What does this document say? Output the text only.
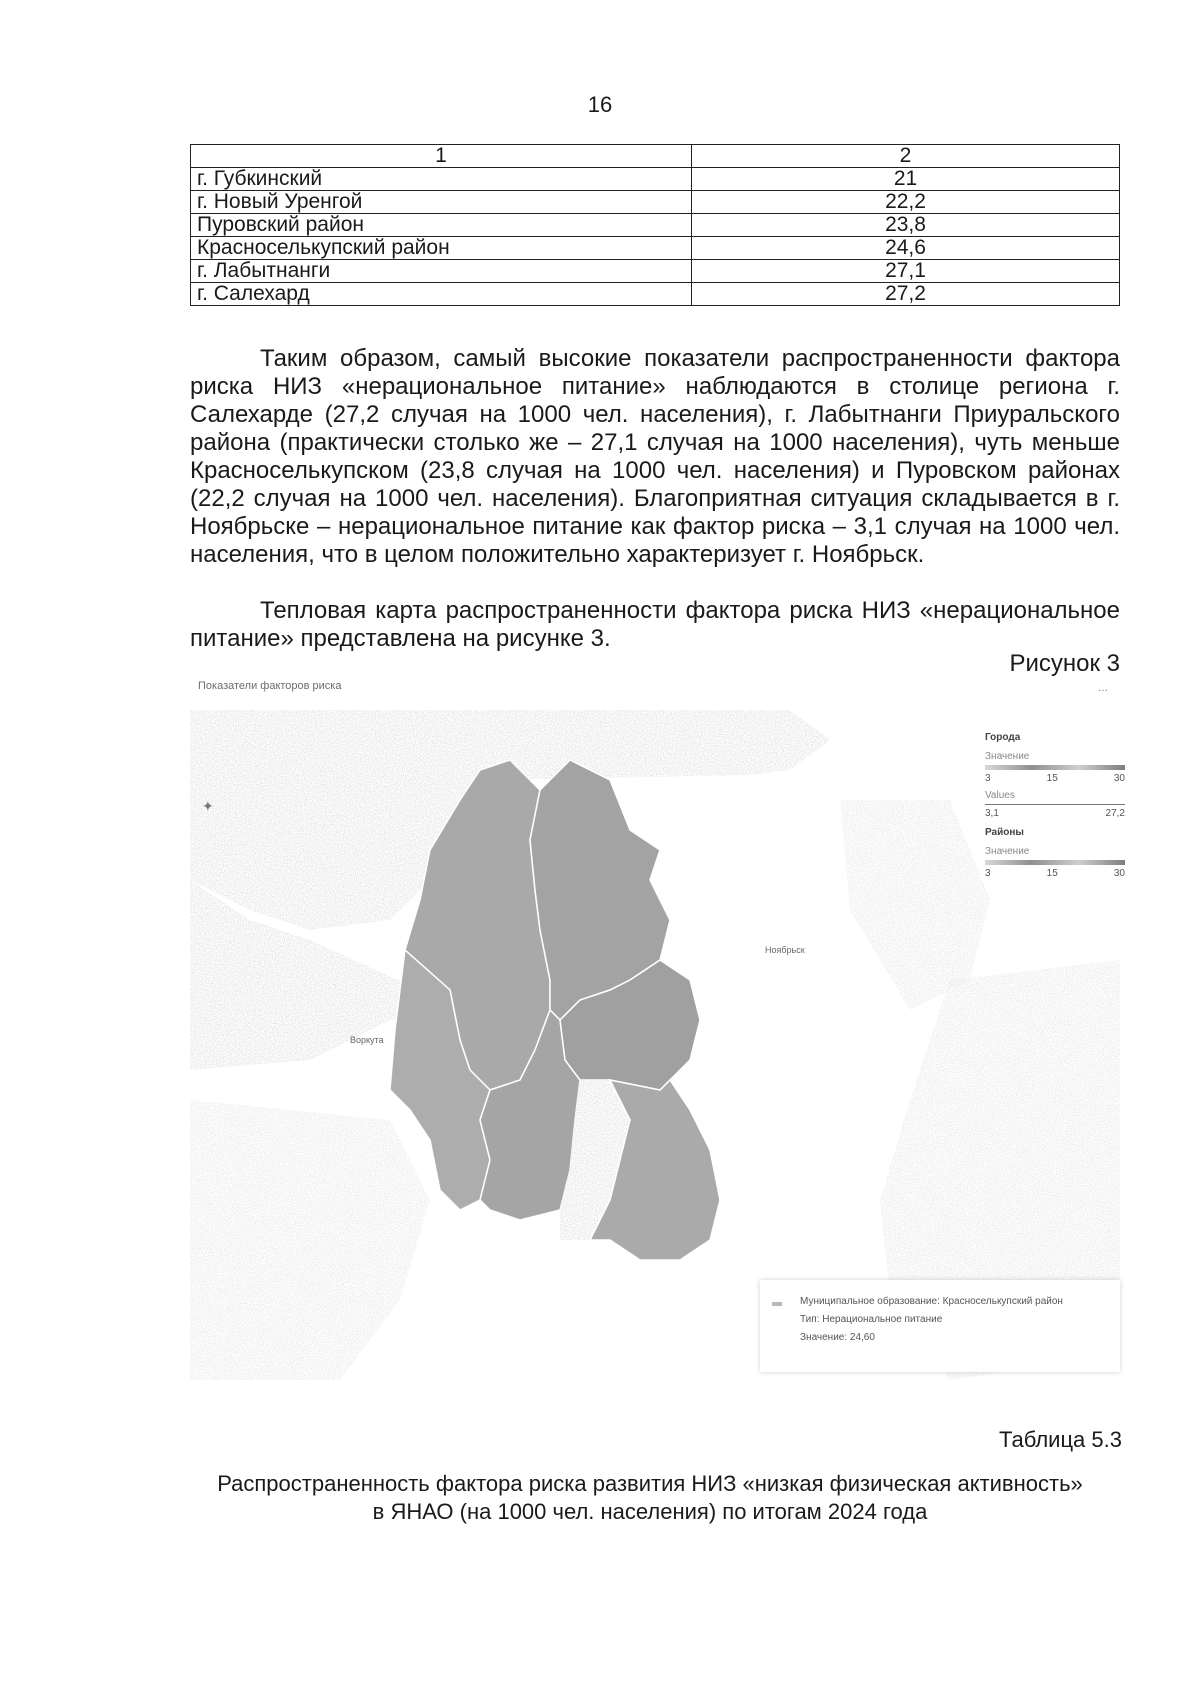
16
1	2
г. Губкинский	21
г. Новый Уренгой	22,2
Пуровский район	23,8
Красноселькупский район	24,6
г. Лабытнанги	27,1
г. Салехард	27,2

Таким образом, самый высокие показатели распространенности фактора риска НИЗ «нерациональное питание» наблюдаются в столице региона г. Салехарде (27,2 случая на 1000 чел. населения), г. Лабытнанги Приуральского района (практически столько же – 27,1 случая на 1000 населения), чуть меньше Красноселькупском (23,8 случая на 1000 чел. населения) и Пуровском районах (22,2 случая на 1000 чел. населения). Благоприятная ситуация складывается в г. Ноябрьске – нерациональное питание как фактор риска – 3,1 случая на 1000 чел. населения, что в целом положительно характеризует г. Ноябрьск.

Тепловая карта распространенности фактора риска НИЗ «нерациональное питание» представлена на рисунке 3.

Рисунок 3
Показатели факторов риска	...
✦
Ноябрьск
Воркута
Города
Значение
3	15	30
Values
3,1	27,2
Районы
Значение
3	15	30
Муниципальное образование: Красноселькупский район
Тип: Нерациональное питание
Значение: 24,60
Таблица 5.3
Распространенность фактора риска развития НИЗ «низкая физическая активность»
в ЯНАО (на 1000 чел. населения) по итогам 2024 года
